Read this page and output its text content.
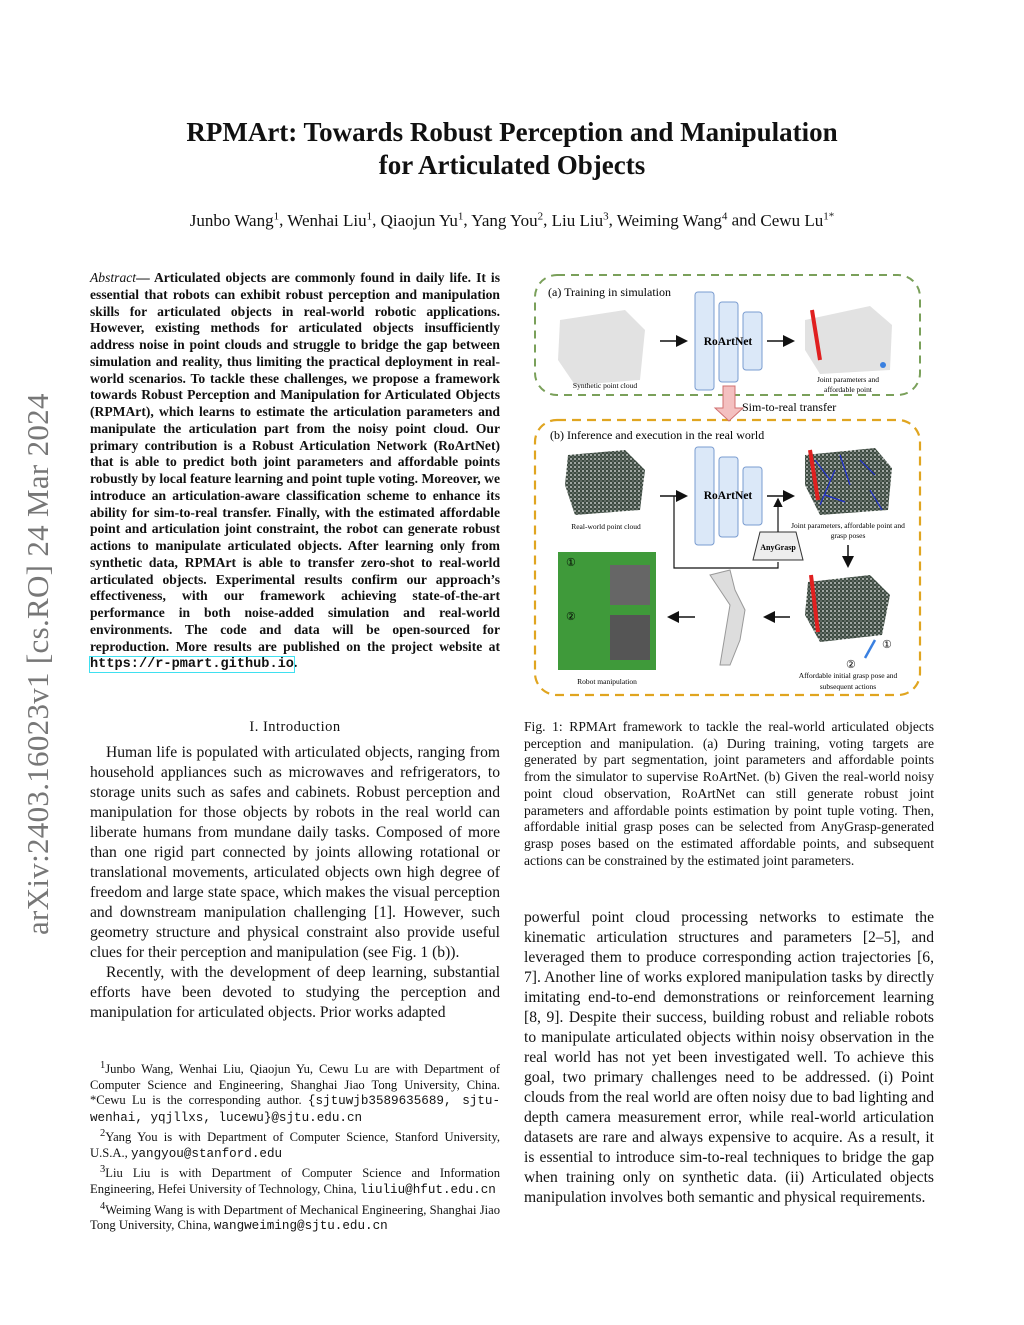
arXiv:2403.16023v1 [cs.RO] 24 Mar 2024
RPMArt: Towards Robust Perception and Manipulation
for Articulated Objects
Junbo Wang$^1$, Wenhai Liu$^1$, Qiaojun Yu$^1$, Yang You$^2$, Liu Liu$^3$, Weiming Wang$^4$ and Cewu $Lu^{1*}$
Abstract— Articulated objects are commonly found in daily life. It is essential that robots can exhibit robust perception and manipulation skills for articulated objects in real-world robotic applications. However, existing methods for articulated objects insufficiently address noise in point clouds and struggle to bridge the gap between simulation and reality, thus limiting the practical deployment in real-world scenarios. To tackle these challenges, we propose a framework towards Robust Perception and Manipulation for Articulated Objects (RPMArt), which learns to estimate the articulation parameters and manipulate the articulation part from the noisy point cloud. Our primary contribution is a Robust Articulation Network (RoArtNet) that is able to predict both joint parameters and affordable points robustly by local feature learning and point tuple voting. Moreover, we introduce an articulation-aware classification scheme to enhance its ability for sim-to-real transfer. Finally, with the estimated affordable point and articulation joint constraint, the robot can generate robust actions to manipulate articulated objects. After learning only from synthetic data, RPMArt is able to transfer zero-shot to real-world articulated objects. Experimental results confirm our approach’s effectiveness, with our framework achieving state-of-the-art performance in both noise-added simulation and real-world environments. The code and data will be open-sourced for reproduction. More results are published on the project website at https://r-pmart.github.io.
I. Introduction

Human life is populated with articulated objects, ranging from household appliances such as microwaves and refrigerators, to storage units such as safes and cabinets. Robust perception and manipulation for those objects by robots in the real world can liberate humans from mundane daily tasks. Composed of more than one rigid part connected by joints allowing rotational or translational movements, articulated objects own high degree of freedom and large state space, which makes the visual perception and downstream manipulation challenging [1]. However, such geometry structure and physical constraint also provide useful clues for their perception and manipulation (see Fig. 1 (b)).

Recently, with the development of deep learning, substantial efforts have been devoted to studying the perception and manipulation for articulated objects. Prior works adapted

$^1$Junbo Wang, Wenhai Liu, Qiaojun Yu, Cewu Lu are with Department of Computer Science and Engineering, Shanghai Jiao Tong University, China. *Cewu Lu is the corresponding author. {sjtuwjb3589635689, sjtu-wenhai, yqjllxs, lucewu}@sjtu.edu.cn

$^2$Yang You is with Department of Computer Science, Stanford University, U.S.A., yangyou@stanford.edu

$^3$Liu Liu is with Department of Computer Science and Information Engineering, Hefei University of Technology, China, liuliu@hfut.edu.cn

$^4$Weiming Wang is with Department of Mechanical Engineering, Shanghai Jiao Tong University, China, wangweiming@sjtu.edu.cn

(a) Training in simulation
Synthetic point cloud
RoArtNet
Joint parameters and
affordable point
Sim-to-real transfer
(b) Inference and execution in the real world
Real-world point cloud
RoArtNet
AnyGrasp
Joint parameters, affordable point and
grasp poses
①
②
Robot manipulation
①
②
Affordable initial grasp pose and
subsequent actions
Fig. 1: RPMArt framework to tackle the real-world articulated objects perception and manipulation. (a) During training, voting targets are generated by part segmentation, joint parameters and affordable points from the simulator to supervise RoArtNet. (b) Given the real-world noisy point cloud observation, RoArtNet can still generate robust joint parameters and affordable points estimation by point tuple voting. Then, affordable initial grasp poses can be selected from AnyGrasp-generated grasp poses based on the estimated affordable points, and subsequent actions can be constrained by the estimated joint parameters.

powerful point cloud processing networks to estimate the kinematic articulation structures and parameters [2–5], and leveraged them to produce corresponding action trajectories [6, 7]. Another line of works explored manipulation tasks by directly imitating end-to-end demonstrations or reinforcement learning [8, 9]. Despite their success, building robust and reliable robots to manipulate articulated objects within noisy observation in the real world has not yet been investigated well. To achieve this goal, two primary challenges need to be addressed. (i) Point clouds from the real world are often noisy due to bad lighting and depth camera measurement error, while real-world articulation datasets are rare and always expensive to acquire. As a result, it is essential to introduce sim-to-real techniques to bridge the gap when training only on synthetic data. (ii) Articulated objects manipulation involves both semantic and physical requirements.
